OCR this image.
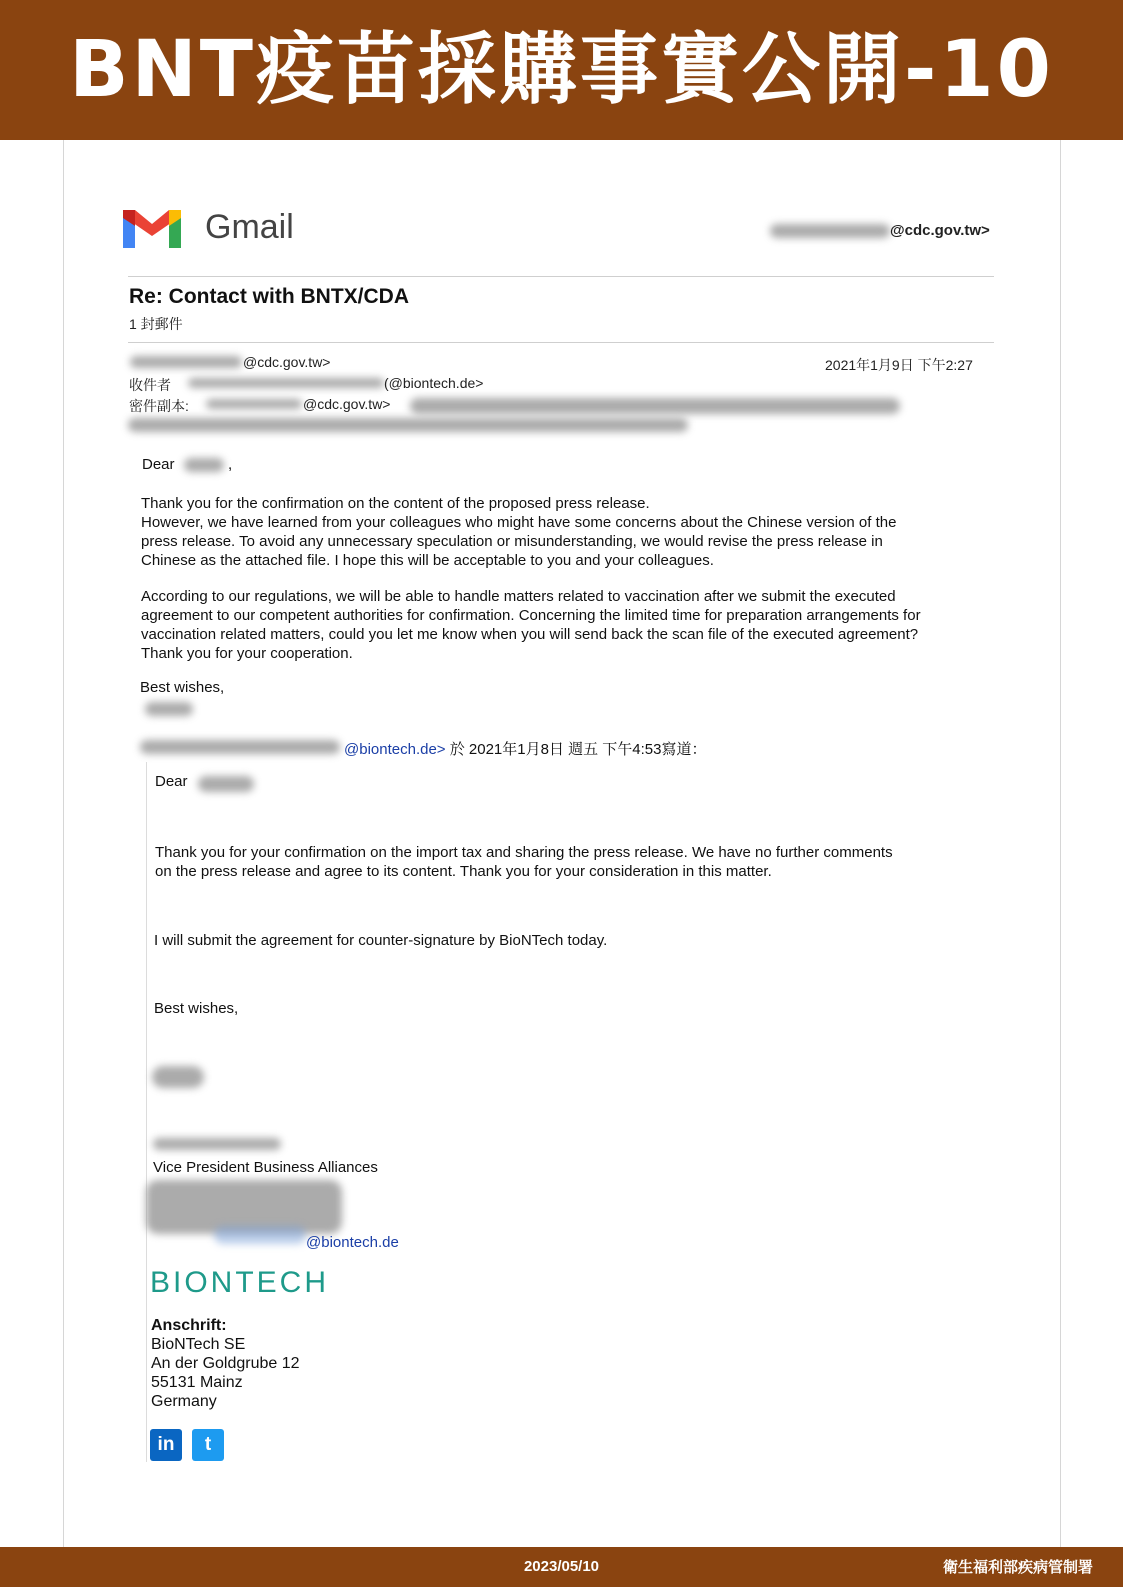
BNT疫苗採購事實公開-10
Gmail	@cdc.gov.tw>
Re: Contact with BNTX/CDA
1 封郵件
@cdc.gov.tw>	2021年1月9日 下午2:27
收件者	(@biontech.de>
密件副本:	@cdc.gov.tw>
Dear	,

Thank you for the confirmation on the content of the proposed press release.

However, we have learned from your colleagues who might have some concerns about the Chinese version of the

press release. To avoid any unnecessary speculation or misunderstanding, we would revise the press release in

Chinese as the attached file. I hope this will be acceptable to you and your colleagues.

According to our regulations, we will be able to handle matters related to vaccination after we submit the executed

agreement to our competent authorities for confirmation. Concerning the limited time for preparation arrangements for

vaccination related matters, could you let me know when you will send back the scan file of the executed agreement?

Thank you for your cooperation.

Best wishes,
@biontech.de> 於 2021年1月8日 週五 下午4:53寫道：
Dear

Thank you for your confirmation on the import tax and sharing the press release. We have no further comments

on the press release and agree to its content. Thank you for your consideration in this matter.

I will submit the agreement for counter-signature by BioNTech today.
Best wishes,
Vice President Business Alliances
@biontech.de
BIONTECH
Anschrift:
BioNTech SE
An der Goldgrube 12
55131 Mainz
Germany
in	t
2023/05/10	衛生福利部疾病管制署
